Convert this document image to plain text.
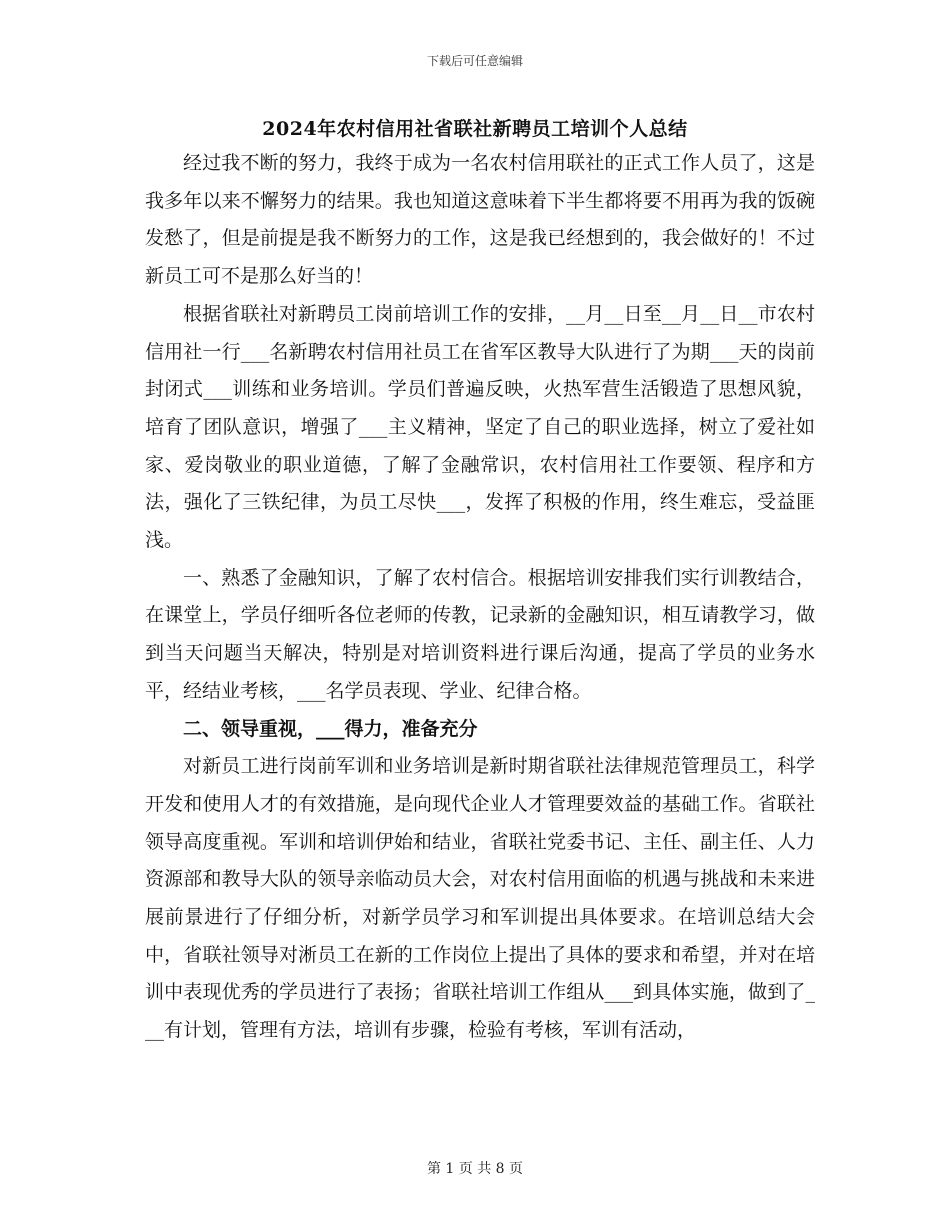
下载后可任意编辑
2024年农村信用社省联社新聘员工培训个人总结

经过我不断的努力，我终于成为一名农村信用联社的正式工作人员了，这是我多年以来不懈努力的结果。我也知道这意味着下半生都将要不用再为我的饭碗发愁了，但是前提是我不断努力的工作，这是我已经想到的，我会做好的！不过新员工可不是那么好当的！

根据省联社对新聘员工岗前培训工作的安排，__月__日至__月__日__市农村信用社一行___名新聘农村信用社员工在省军区教导大队进行了为期___天的岗前封闭式___训练和业务培训。学员们普遍反映，火热军营生活锻造了思想风貌，培育了团队意识，增强了___主义精神，坚定了自己的职业选择，树立了爱社如家、爱岗敬业的职业道德，了解了金融常识，农村信用社工作要领、程序和方法，强化了三铁纪律，为员工尽快___，发挥了积极的作用，终生难忘，受益匪浅。

一、熟悉了金融知识，了解了农村信合。根据培训安排我们实行训教结合，在课堂上，学员仔细听各位老师的传教，记录新的金融知识，相互请教学习，做到当天问题当天解决，特别是对培训资料进行课后沟通，提高了学员的业务水平，经结业考核，___名学员表现、学业、纪律合格。

二、领导重视，___得力，准备充分

对新员工进行岗前军训和业务培训是新时期省联社法律规范管理员工，科学开发和使用人才的有效措施，是向现代企业人才管理要效益的基础工作。省联社领导高度重视。军训和培训伊始和结业，省联社党委书记、主任、副主任、人力资源部和教导大队的领导亲临动员大会，对农村信用面临的机遇与挑战和未来进展前景进行了仔细分析，对新学员学习和军训提出具体要求。在培训总结大会中，省联社领导对淅员工在新的工作岗位上提出了具体的要求和希望，并对在培训中表现优秀的学员进行了表扬；省联社培训工作组从___到具体实施，做到了___有计划，管理有方法，培训有步骤，检验有考核，军训有活动，

第 1 页 共 8 页
